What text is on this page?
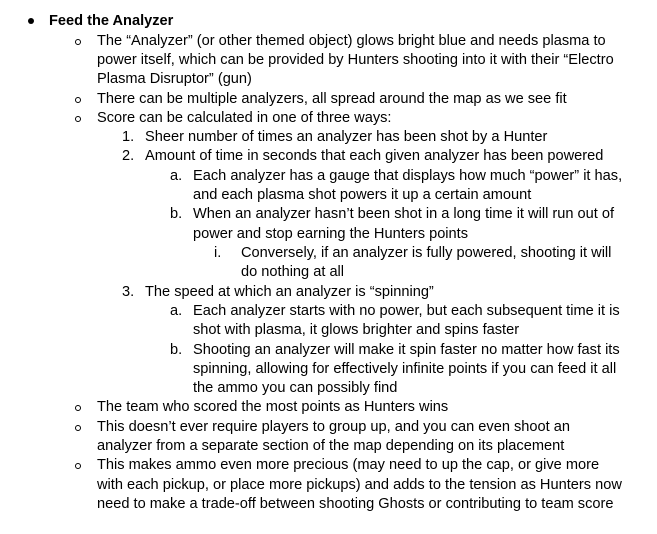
Feed the Analyzer
The “Analyzer” (or other themed object) glows bright blue and needs plasma to
power itself, which can be provided by Hunters shooting into it with their “Electro
Plasma Disruptor” (gun)
There can be multiple analyzers, all spread around the map as we see fit
Score can be calculated in one of three ways:
1. Sheer number of times an analyzer has been shot by a Hunter
2. Amount of time in seconds that each given analyzer has been powered
a. Each analyzer has a gauge that displays how much “power” it has,
and each plasma shot powers it up a certain amount
b. When an analyzer hasn’t been shot in a long time it will run out of
power and stop earning the Hunters points
i. Conversely, if an analyzer is fully powered, shooting it will
do nothing at all
3. The speed at which an analyzer is “spinning”
a. Each analyzer starts with no power, but each subsequent time it is
shot with plasma, it glows brighter and spins faster
b. Shooting an analyzer will make it spin faster no matter how fast its
spinning, allowing for effectively infinite points if you can feed it all
the ammo you can possibly find
The team who scored the most points as Hunters wins
This doesn’t ever require players to group up, and you can even shoot an
analyzer from a separate section of the map depending on its placement
This makes ammo even more precious (may need to up the cap, or give more
with each pickup, or place more pickups) and adds to the tension as Hunters now
need to make a trade-off between shooting Ghosts or contributing to team score
